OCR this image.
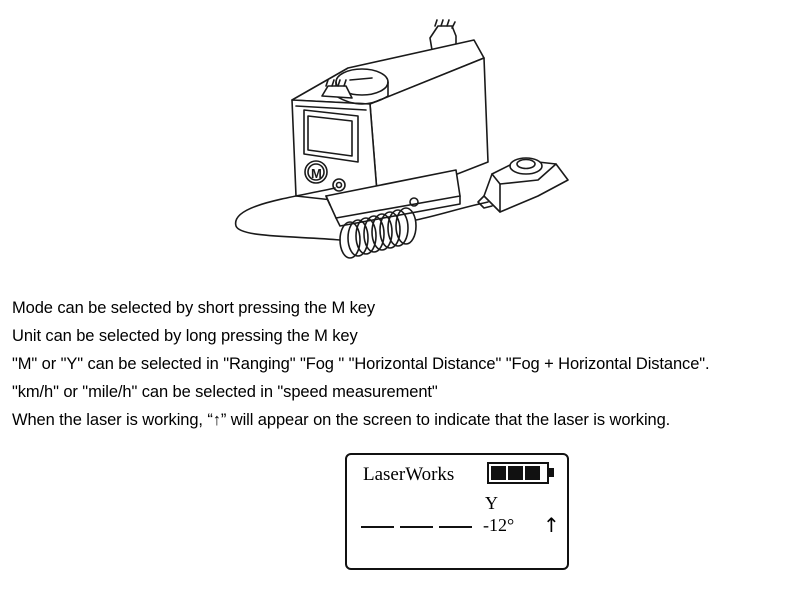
M
Mode can be selected by short pressing the M key
Unit can be selected by long pressing the M key
"M" or "Y" can be selected in "Ranging" "Fog " "Horizontal Distance" "Fog + Horizontal Distance".
"km/h" or "mile/h" can be selected in "speed measurement"
When the laser is working, “↑” will appear on the screen to indicate that the laser is working.
LaserWorks
Y
-12° ↑
